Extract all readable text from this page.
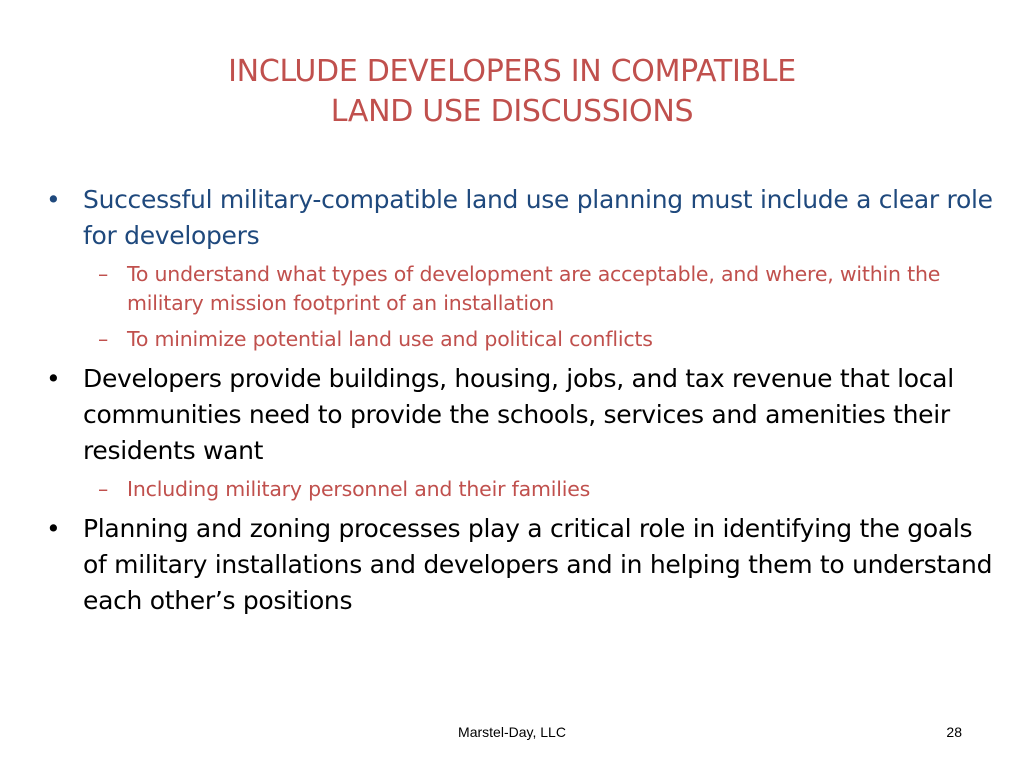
INCLUDE DEVELOPERS IN COMPATIBLE
LAND USE DISCUSSIONS
• Successful military-compatible land use planning must include a clear role for developers
– To understand what types of development are acceptable, and where, within the military mission footprint of an installation
– To minimize potential land use and political conflicts
• Developers provide buildings, housing, jobs, and tax revenue that local communities need to provide the schools, services and amenities their residents want
– Including military personnel and their families
• Planning and zoning processes play a critical role in identifying the goals of military installations and developers and in helping them to understand each other’s positions
Marstel-Day, LLC	28
